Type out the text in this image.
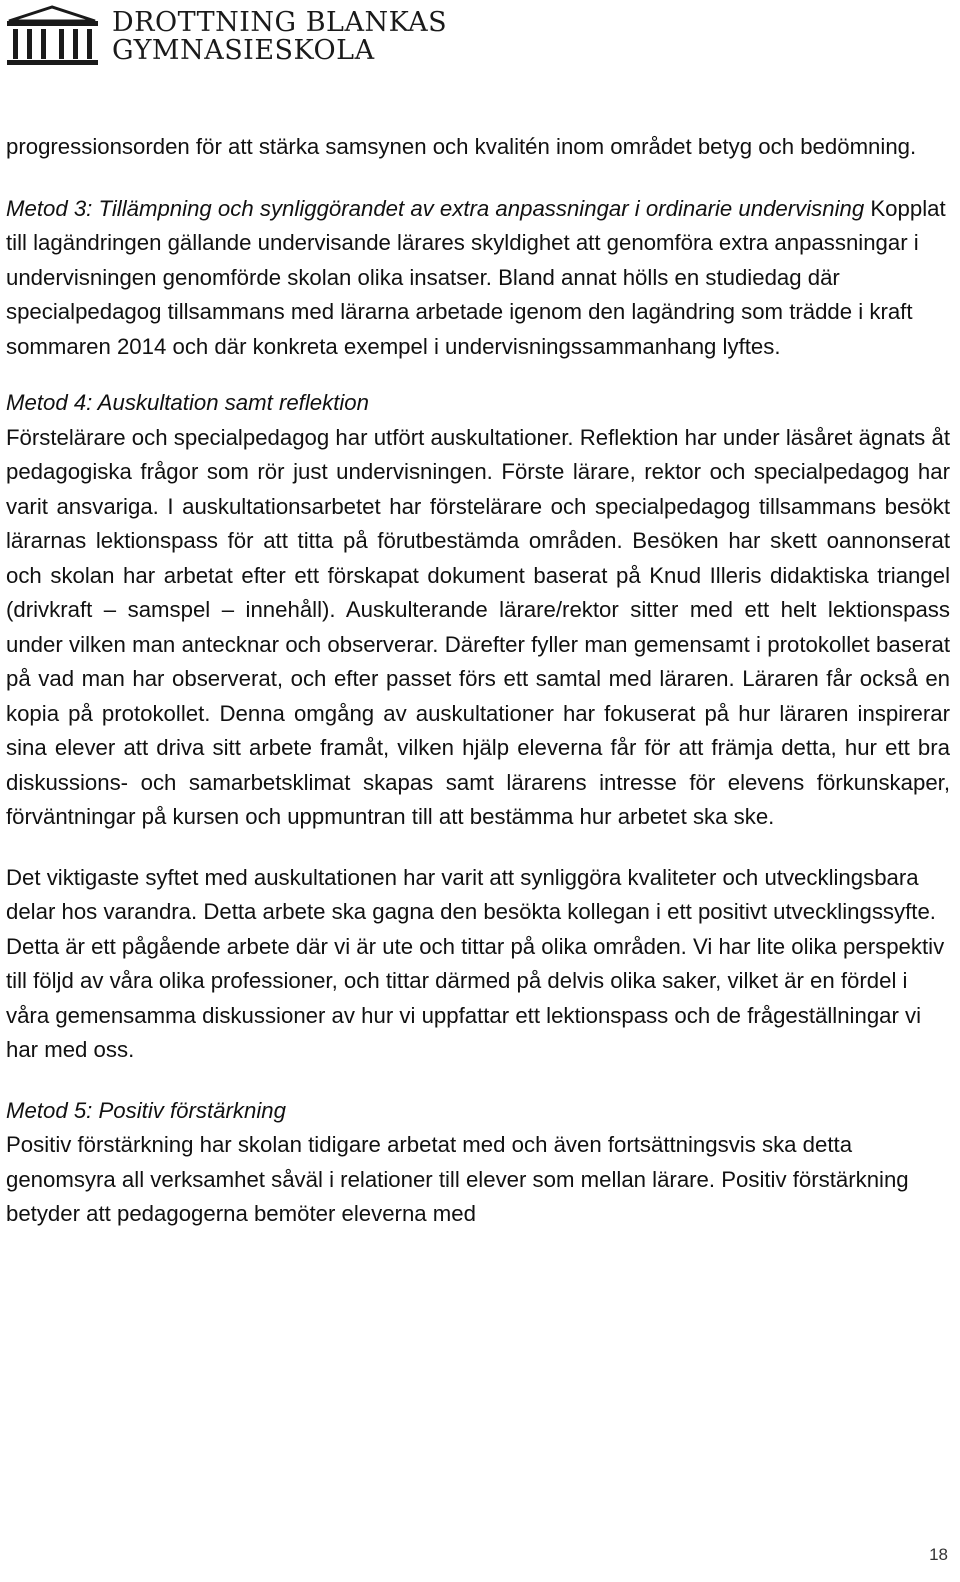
DROTTNING BLANKAS
GYMNASIESKOLA

progressionsorden för att stärka samsynen och kvalitén inom området betyg och bedömning.

Metod 3: Tillämpning och synliggörandet av extra anpassningar i ordinarie undervisning Kopplat till lagändringen gällande undervisande lärares skyldighet att genomföra extra anpassningar i undervisningen genomförde skolan olika insatser. Bland annat hölls en studiedag där specialpedagog tillsammans med lärarna arbetade igenom den lagändring som trädde i kraft sommaren 2014 och där konkreta exempel i undervisningssammanhang lyftes.

Metod 4: Auskultation samt reflektion

Förstelärare och specialpedagog har utfört auskultationer. Reflektion har under läsåret ägnats åt pedagogiska frågor som rör just undervisningen. Förste lärare, rektor och specialpedagog har varit ansvariga. I auskultationsarbetet har förstelärare och specialpedagog tillsammans besökt lärarnas lektionspass för att titta på förutbestämda områden. Besöken har skett oannonserat och skolan har arbetat efter ett förskapat dokument baserat på Knud Illeris didaktiska triangel (drivkraft – samspel – innehåll). Auskulterande lärare/rektor sitter med ett helt lektionspass under vilken man antecknar och observerar. Därefter fyller man gemensamt i protokollet baserat på vad man har observerat, och efter passet förs ett samtal med läraren. Läraren får också en kopia på protokollet. Denna omgång av auskultationer har fokuserat på hur läraren inspirerar sina elever att driva sitt arbete framåt, vilken hjälp eleverna får för att främja detta, hur ett bra diskussions- och samarbetsklimat skapas samt lärarens intresse för elevens förkunskaper, förväntningar på kursen och uppmuntran till att bestämma hur arbetet ska ske.

Det viktigaste syftet med auskultationen har varit att synliggöra kvaliteter och utvecklingsbara delar hos varandra. Detta arbete ska gagna den besökta kollegan i ett positivt utvecklingssyfte. Detta är ett pågående arbete där vi är ute och tittar på olika områden. Vi har lite olika perspektiv till följd av våra olika professioner, och tittar därmed på delvis olika saker, vilket är en fördel i våra gemensamma diskussioner av hur vi uppfattar ett lektionspass och de frågeställningar vi har med oss.

Metod 5: Positiv förstärkning

Positiv förstärkning har skolan tidigare arbetat med och även fortsättningsvis ska detta genomsyra all verksamhet såväl i relationer till elever som mellan lärare. Positiv förstärkning betyder att pedagogerna bemöter eleverna med

18
